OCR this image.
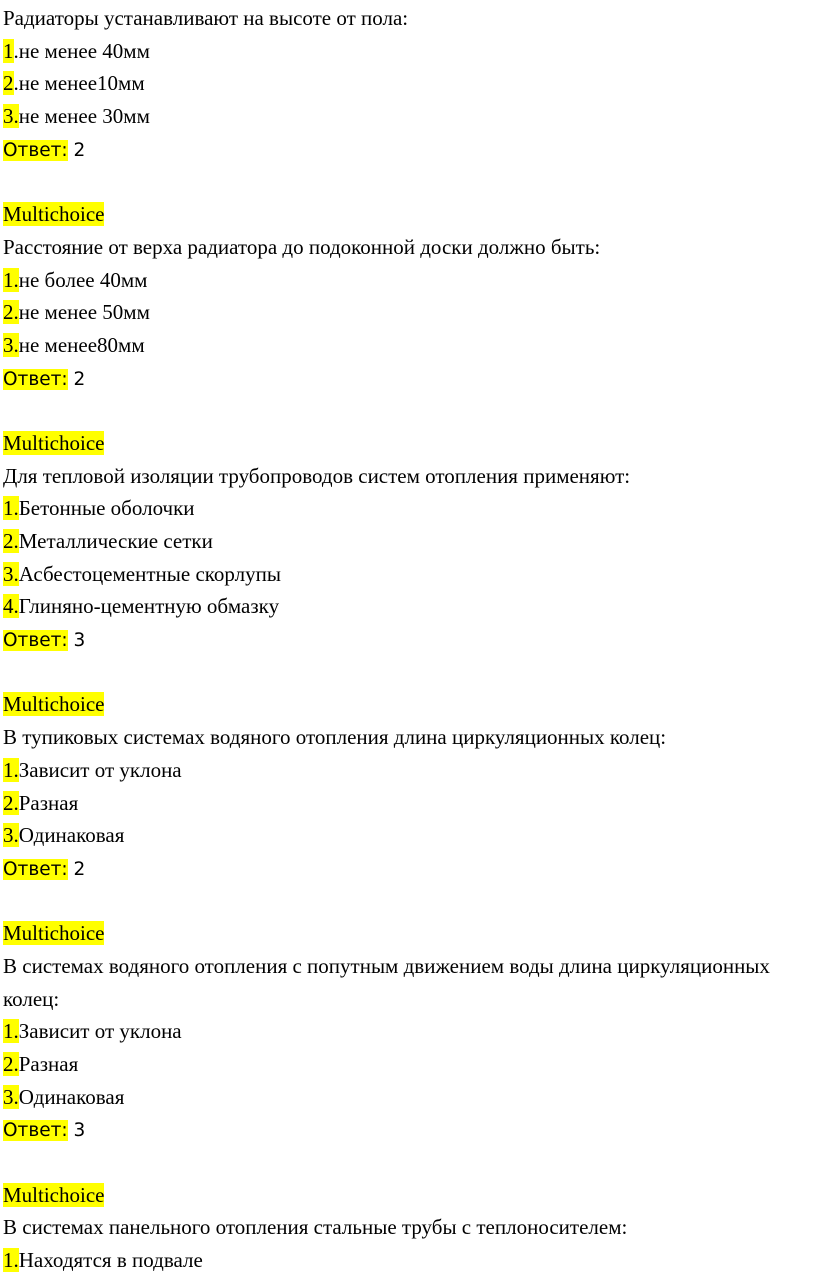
Радиаторы устанавливают на высоте от пола:
1.не менее 40мм
2.не менее10мм
3.не менее 30мм
Ответ: 2
Multichoice
Расстояние от верха радиатора до подоконной доски должно быть:
1.не более 40мм
2.не менее 50мм
3.не менее80мм
Ответ: 2
Multichoice
Для тепловой изоляции трубопроводов систем отопления применяют:
1.Бетонные оболочки
2.Металлические сетки
3.Асбестоцементные скорлупы
4.Глиняно-цементную обмазку
Ответ: 3
Multichoice
В тупиковых системах водяного отопления длина циркуляционных колец:
1.Зависит от уклона
2.Разная
3.Одинаковая
Ответ: 2
Multichoice
В системах водяного отопления с попутным движением воды длина циркуляционных колец:
1.Зависит от уклона
2.Разная
3.Одинаковая
Ответ: 3
Multichoice
В системах панельного отопления стальные трубы с теплоносителем:
1.Находятся в подвале
